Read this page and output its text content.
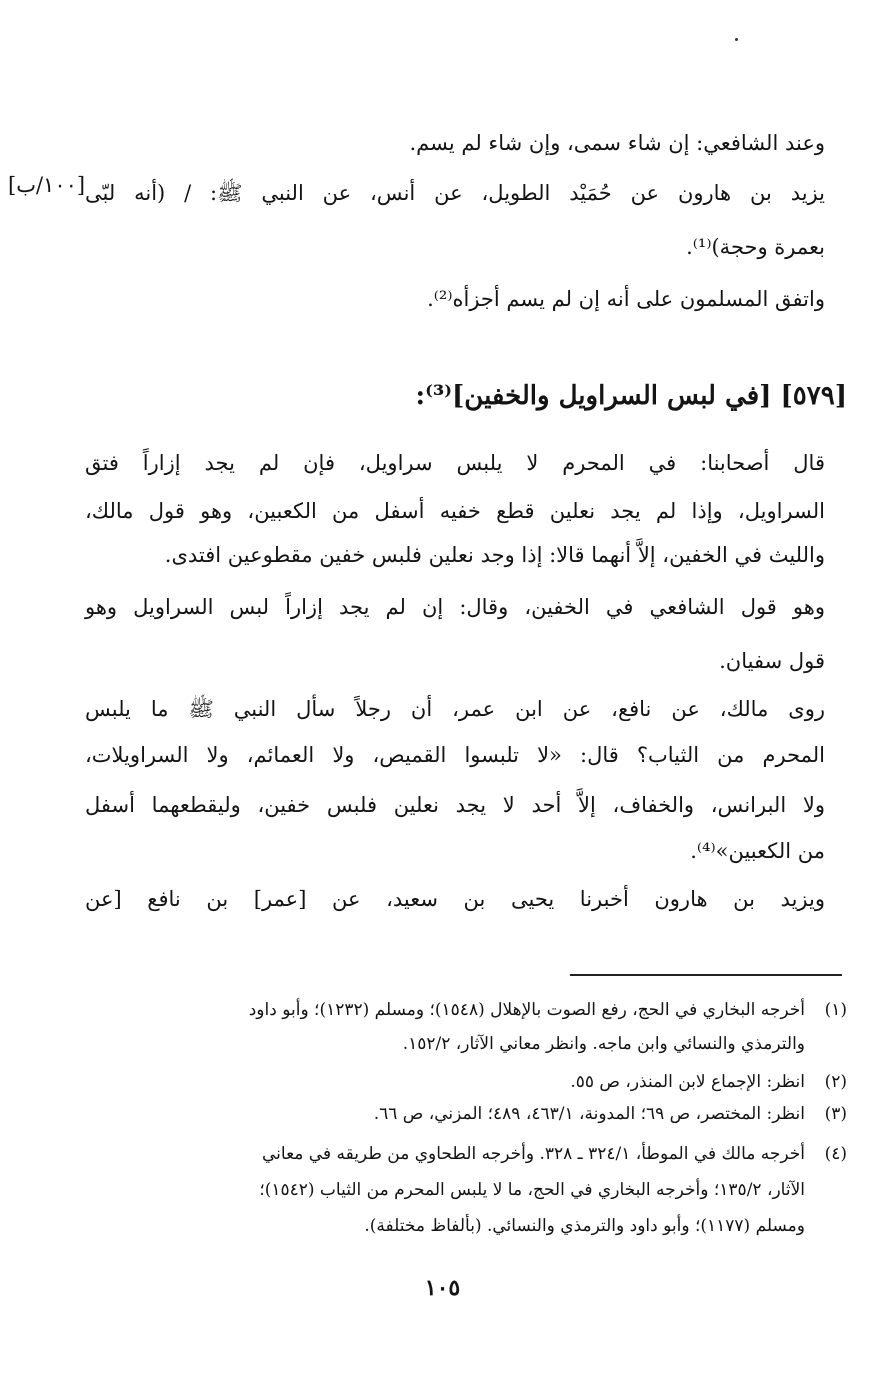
وعند الشافعي: إن شاء سمى، وإن شاء لم يسم.
يزيد بن هارون عن حُمَيْد الطويل، عن أنس، عن النبي ﷺ: / (أنه لبّى
[١٠٠/ب]
بعمرة وحجة)⁽¹⁾.
واتفق المسلمون على أنه إن لم يسم أجزأه⁽²⁾.
[٥٧٩] [في لبس السراويل والخفين]⁽³⁾:
قال أصحابنا: في المحرم لا يلبس سراويل، فإن لم يجد إزاراً فتق
السراويل، وإذا لم يجد نعلين قطع خفيه أسفل من الكعبين، وهو قول مالك،
والليث في الخفين، إلاَّ أنهما قالا: إذا وجد نعلين فلبس خفين مقطوعين افتدى.
وهو قول الشافعي في الخفين، وقال: إن لم يجد إزاراً لبس السراويل وهو
قول سفيان.
روى مالك، عن نافع، عن ابن عمر، أن رجلاً سأل النبي ﷺ ما يلبس
المحرم من الثياب؟ قال: «لا تلبسوا القميص، ولا العمائم، ولا السراويلات،
ولا البرانس، والخفاف، إلاَّ أحد لا يجد نعلين فلبس خفين، وليقطعهما أسفل
من الكعبين»⁽⁴⁾.
ويزيد بن هارون أخبرنا يحيى بن سعيد، عن [عمر] بن نافع [عن
(١)أخرجه البخاري في الحج، رفع الصوت بالإهلال (١٥٤٨)؛ ومسلم (١٢٣٢)؛ وأبو داود
والترمذي والنسائي وابن ماجه. وانظر معاني الآثار، ١٥٢/٢.
(٢)انظر: الإجماع لابن المنذر، ص ٥٥.
(٣)انظر: المختصر، ص ٦٩؛ المدونة، ٤٦٣/١، ٤٨٩؛ المزني، ص ٦٦.
(٤)أخرجه مالك في الموطأ، ٣٢٤/١ ـ ٣٢٨. وأخرجه الطحاوي من طريقه في معاني
الآثار، ١٣٥/٢؛ وأخرجه البخاري في الحج، ما لا يلبس المحرم من الثياب (١٥٤٢)؛
ومسلم (١١٧٧)؛ وأبو داود والترمذي والنسائي. (بألفاظ مختلفة).
١٠٥
